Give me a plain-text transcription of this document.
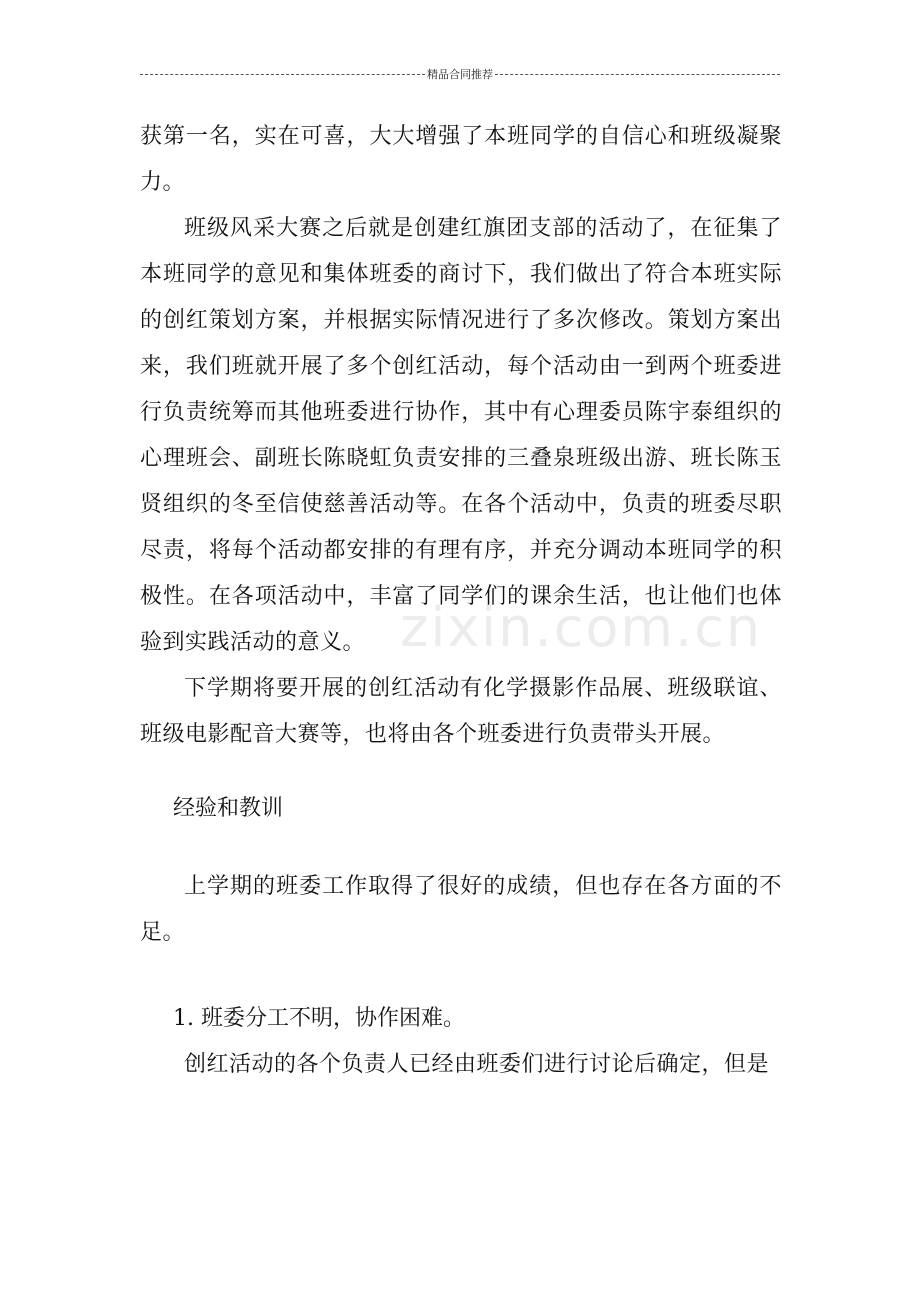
精品合同推荐
zixin.com.cn

获第一名，实在可喜，大大增强了本班同学的自信心和班级凝聚力。

班级风采大赛之后就是创建红旗团支部的活动了，在征集了本班同学的意见和集体班委的商讨下，我们做出了符合本班实际的创红策划方案，并根据实际情况进行了多次修改。策划方案出来，我们班就开展了多个创红活动，每个活动由一到两个班委进行负责统筹而其他班委进行协作，其中有心理委员陈宇泰组织的心理班会、副班长陈晓虹负责安排的三叠泉班级出游、班长陈玉贤组织的冬至信使慈善活动等。在各个活动中，负责的班委尽职尽责，将每个活动都安排的有理有序，并充分调动本班同学的积极性。在各项活动中，丰富了同学们的课余生活，也让他们也体验到实践活动的意义。

下学期将要开展的创红活动有化学摄影作品展、班级联谊、班级电影配音大赛等，也将由各个班委进行负责带头开展。

经验和教训

上学期的班委工作取得了很好的成绩，但也存在各方面的不足。

1. 班委分工不明，协作困难。

创红活动的各个负责人已经由班委们进行讨论后确定，但是
